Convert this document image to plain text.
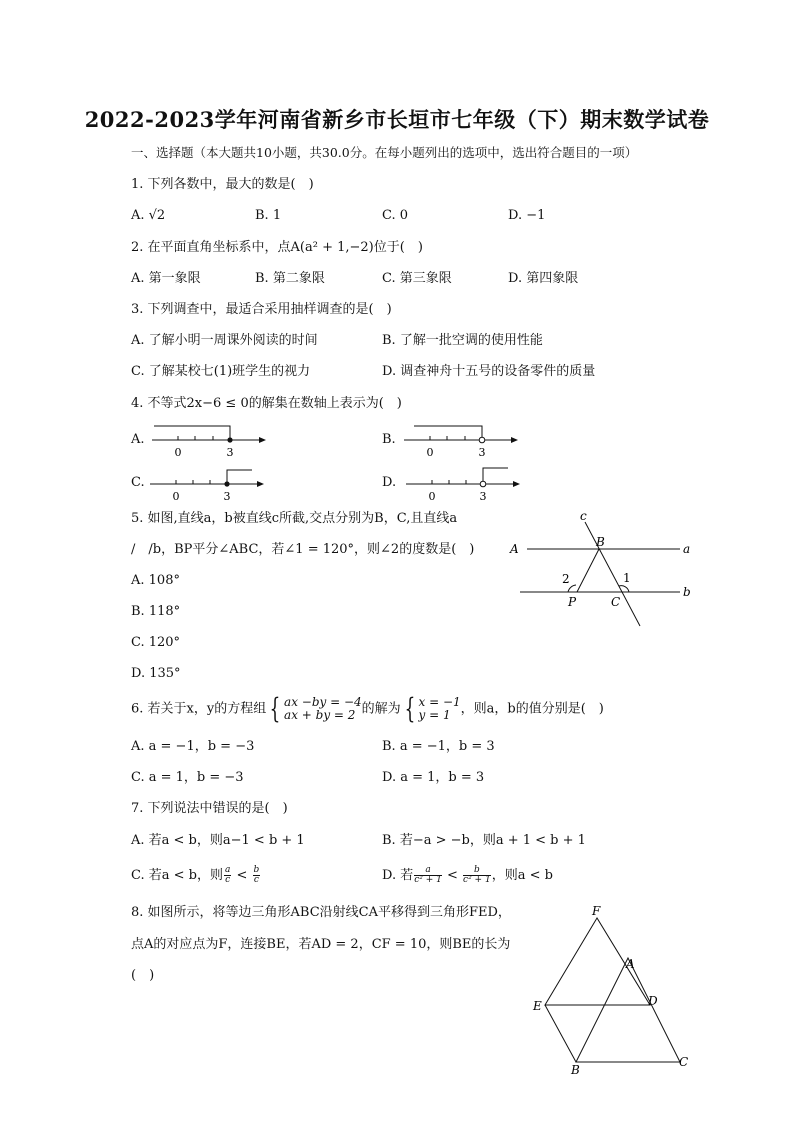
2022-2023学年河南省新乡市长垣市七年级（下）期末数学试卷
一、选择题（本大题共10小题，共30.0分。在每小题列出的选项中，选出符合题目的一项）
1. 下列各数中，最大的数是(　)
A. √2	B. 1	C. 0	D. −1
2. 在平面直角坐标系中，点A(a² + 1,−2)位于(　)
A. 第一象限	B. 第二象限	C. 第三象限	D. 第四象限
3. 下列调查中，最适合采用抽样调查的是(　)
A. 了解小明一周课外阅读的时间	B. 了解一批空调的使用性能
C. 了解某校七(1)班学生的视力	D. 调查神舟十五号的设备零件的质量
4. 不等式2x−6 ≤ 0的解集在数轴上表示为(　)
A.	B.
C.	D.
0	3	0	3
0	3	0	3
5. 如图,直线a，b被直线c所截,交点分别为B，C,且直线a
/　/b，BP平分∠ABC，若∠1 = 120°，则∠2的度数是(　)
A. 108°
B. 118°
C. 120°
D. 135°
c
A	B	a
2	1
b
P	C
6. 若关于x，y的方程组 { ax −by = −4
ax + by = 2 的解为 { x = −1
y = 1 ，则a，b的值分别是(　)
A. a = −1，b = −3	B. a = −1，b = 3
C. a = 1，b = −3	D. a = 1，b = 3
7. 下列说法中错误的是(　)
A. 若a < b，则a−1 < b + 1	B. 若−a > −b，则a + 1 < b + 1
C. 若a < b，则 $\frac{a}{c} < \frac{b}{c}$	D. 若 $\frac{a}{\text{c² + 1}} < \frac{b}{\text{c² + 1}}$ ，则a < b
8. 如图所示，将等边三角形ABC沿射线CA平移得到三角形FED，
点A的对应点为F，连接BE，若AD = 2，CF = 10，则BE的长为
(　)
F
A
E	D
B
C
